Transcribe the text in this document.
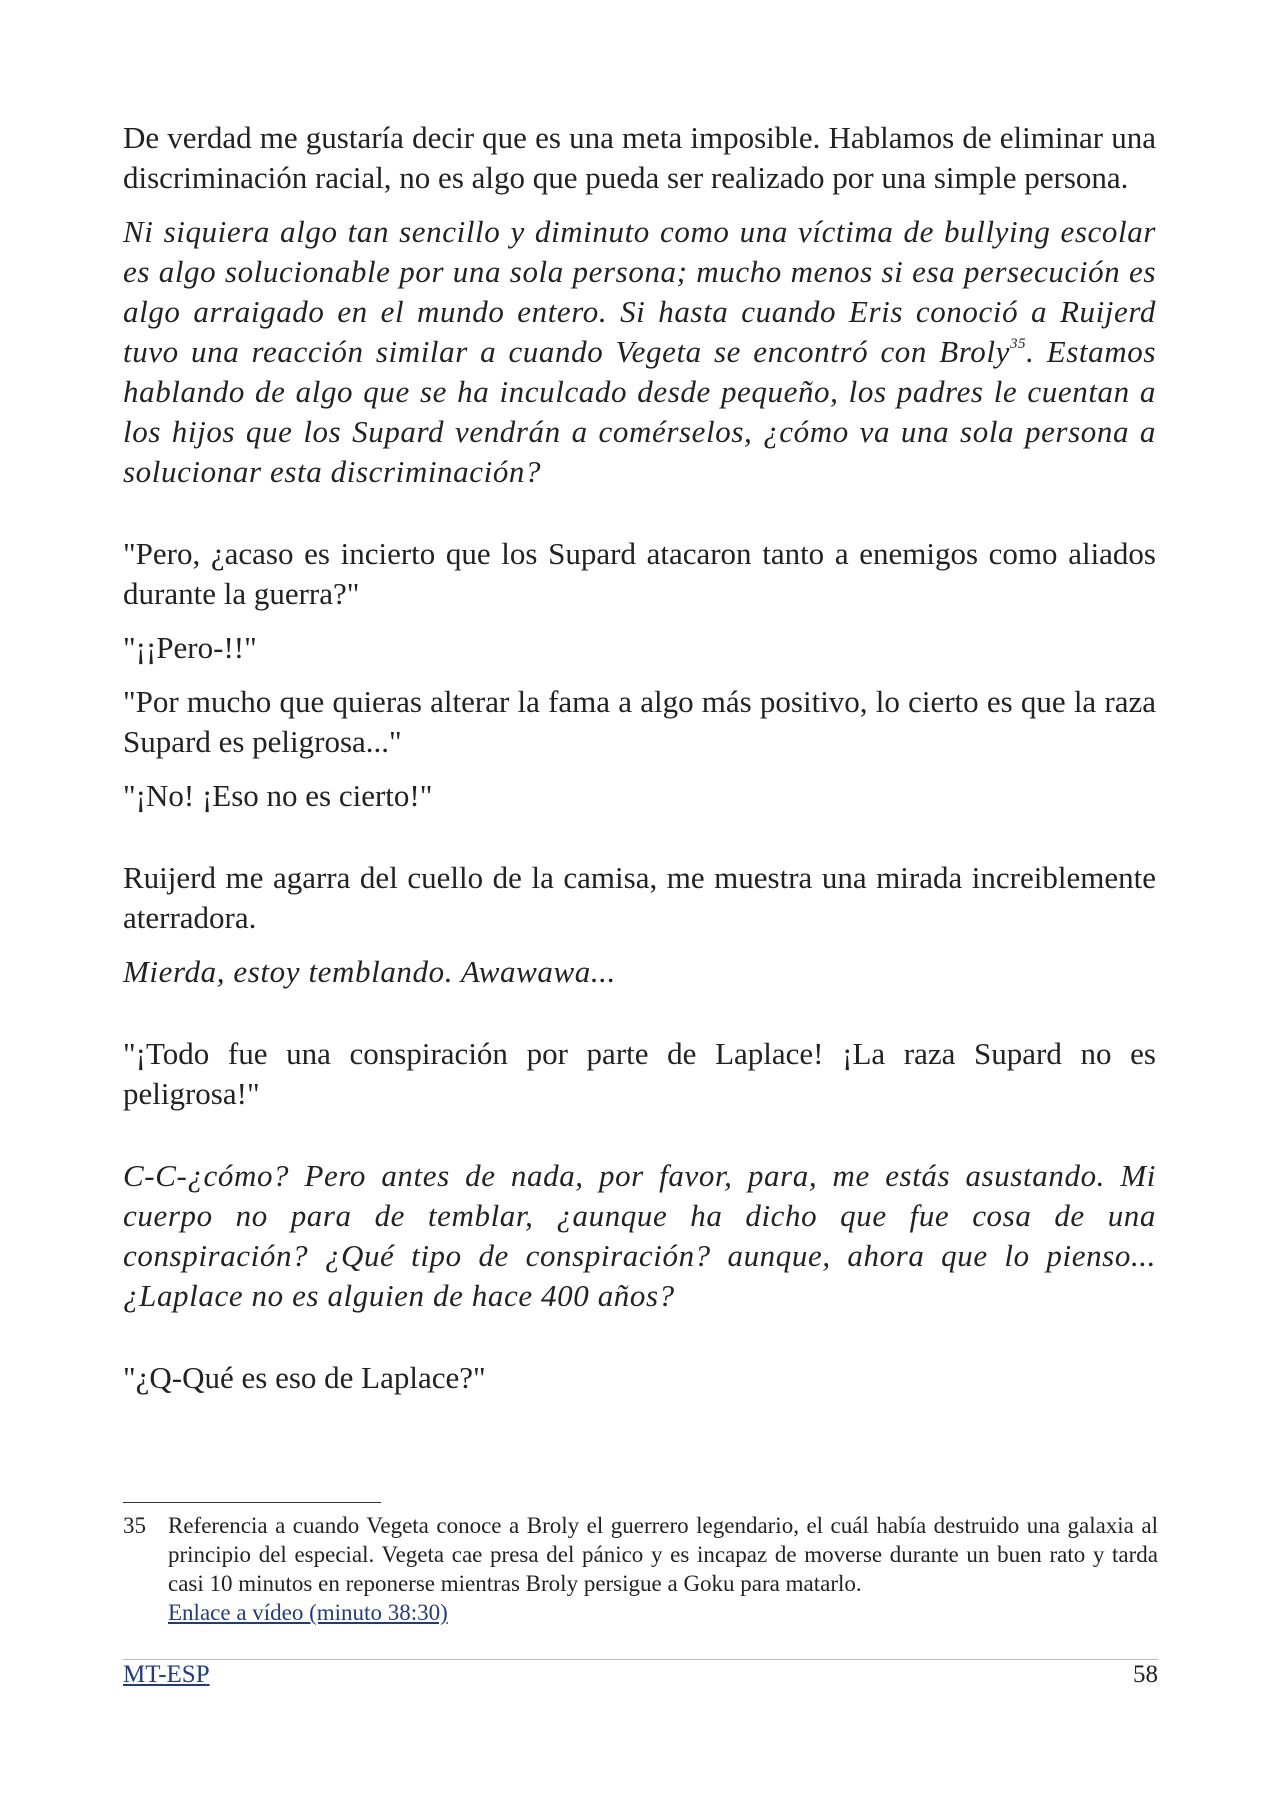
De verdad me gustaría decir que es una meta imposible. Hablamos de eliminar una discriminación racial, no es algo que pueda ser realizado por una simple persona.

Ni siquiera algo tan sencillo y diminuto como una víctima de bullying escolar es algo solucionable por una sola persona; mucho menos si esa persecución es algo arraigado en el mundo entero. Si hasta cuando Eris conoció a Ruijerd tuvo una reacción similar a cuando Vegeta se encontró con Broly$^{35}$. Estamos hablando de algo que se ha inculcado desde pequeño, los padres le cuentan a los hijos que los Supard vendrán a comérselos, ¿cómo va una sola persona a solucionar esta discriminación?

"Pero, ¿acaso es incierto que los Supard atacaron tanto a enemigos como aliados durante la guerra?"

"¡¡Pero-!!"

"Por mucho que quieras alterar la fama a algo más positivo, lo cierto es que la raza Supard es peligrosa..."

"¡No! ¡Eso no es cierto!"

Ruijerd me agarra del cuello de la camisa, me muestra una mirada increiblemente aterradora.

Mierda, estoy temblando. Awawawa...

"¡Todo fue una conspiración por parte de Laplace! ¡La raza Supard no es peligrosa!"

C-C-¿cómo? Pero antes de nada, por favor, para, me estás asustando. Mi cuerpo no para de temblar, ¿aunque ha dicho que fue cosa de una conspiración? ¿Qué tipo de conspiración? aunque, ahora que lo pienso... ¿Laplace no es alguien de hace 400 años?

"¿Q-Qué es eso de Laplace?"

35 Referencia a cuando Vegeta conoce a Broly el guerrero legendario, el cuál había destruido una galaxia al principio del especial. Vegeta cae presa del pánico y es incapaz de moverse durante un buen rato y tarda casi 10 minutos en reponerse mientras Broly persigue a Goku para matarlo.
Enlace a vídeo (minuto 38:30)
MT-ESP	58
